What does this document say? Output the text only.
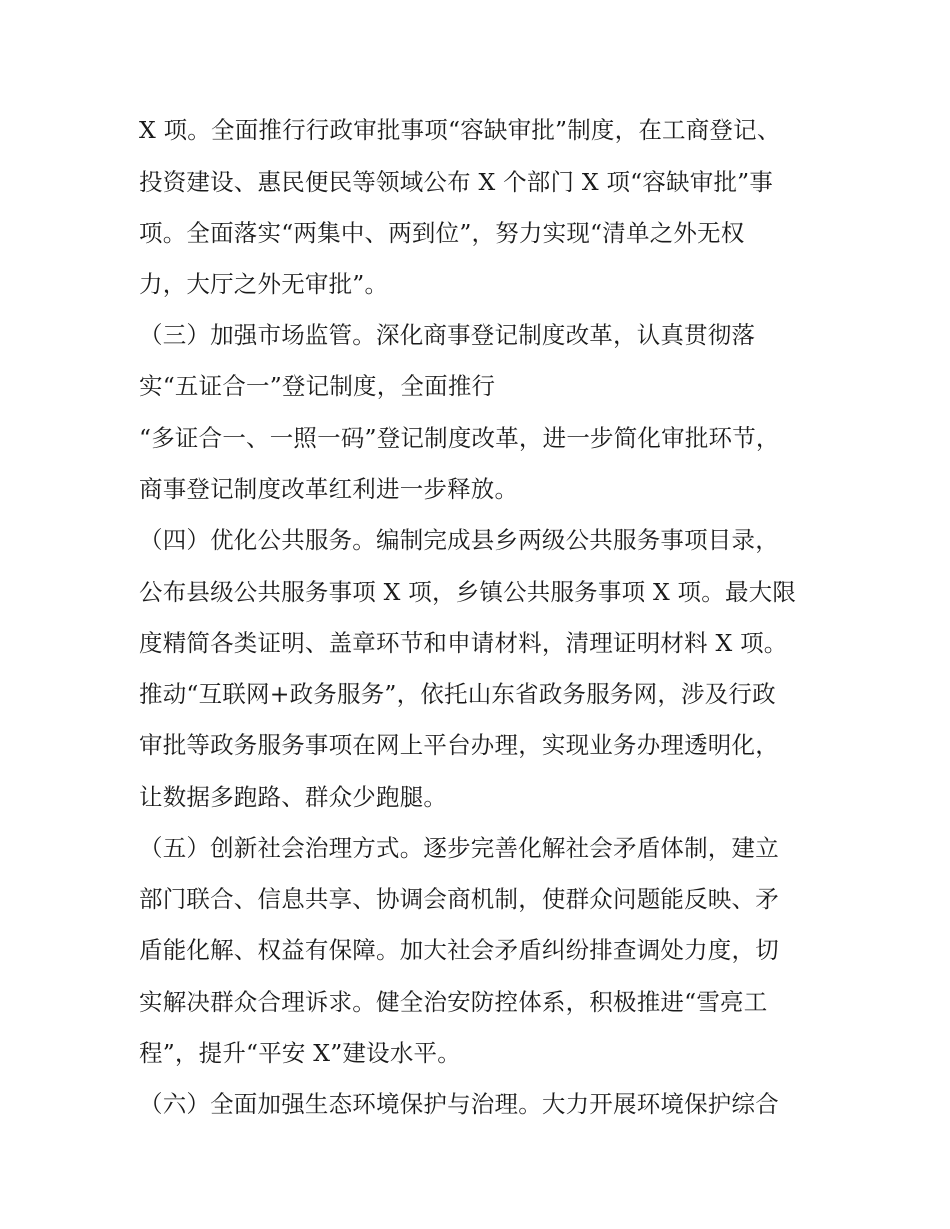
X 项。全面推行行政审批事项“容缺审批”制度，在工商登记、

投资建设、惠民便民等领域公布 X 个部门 X 项“容缺审批”事

项。全面落实“两集中、两到位”，努力实现“清单之外无权

力，大厅之外无审批”。

（三）加强市场监管。深化商事登记制度改革，认真贯彻落

实“五证合一”登记制度，全面推行

“多证合一、一照一码”登记制度改革，进一步简化审批环节，

商事登记制度改革红利进一步释放。

（四）优化公共服务。编制完成县乡两级公共服务事项目录，

公布县级公共服务事项 X 项，乡镇公共服务事项 X 项。最大限

度精简各类证明、盖章环节和申请材料，清理证明材料 X 项。

推动“互联网+政务服务”，依托山东省政务服务网，涉及行政

审批等政务服务事项在网上平台办理，实现业务办理透明化，

让数据多跑路、群众少跑腿。

（五）创新社会治理方式。逐步完善化解社会矛盾体制，建立

部门联合、信息共享、协调会商机制，使群众问题能反映、矛

盾能化解、权益有保障。加大社会矛盾纠纷排查调处力度，切

实解决群众合理诉求。健全治安防控体系，积极推进“雪亮工

程”，提升“平安 X”建设水平。

（六）全面加强生态环境保护与治理。大力开展环境保护综合
